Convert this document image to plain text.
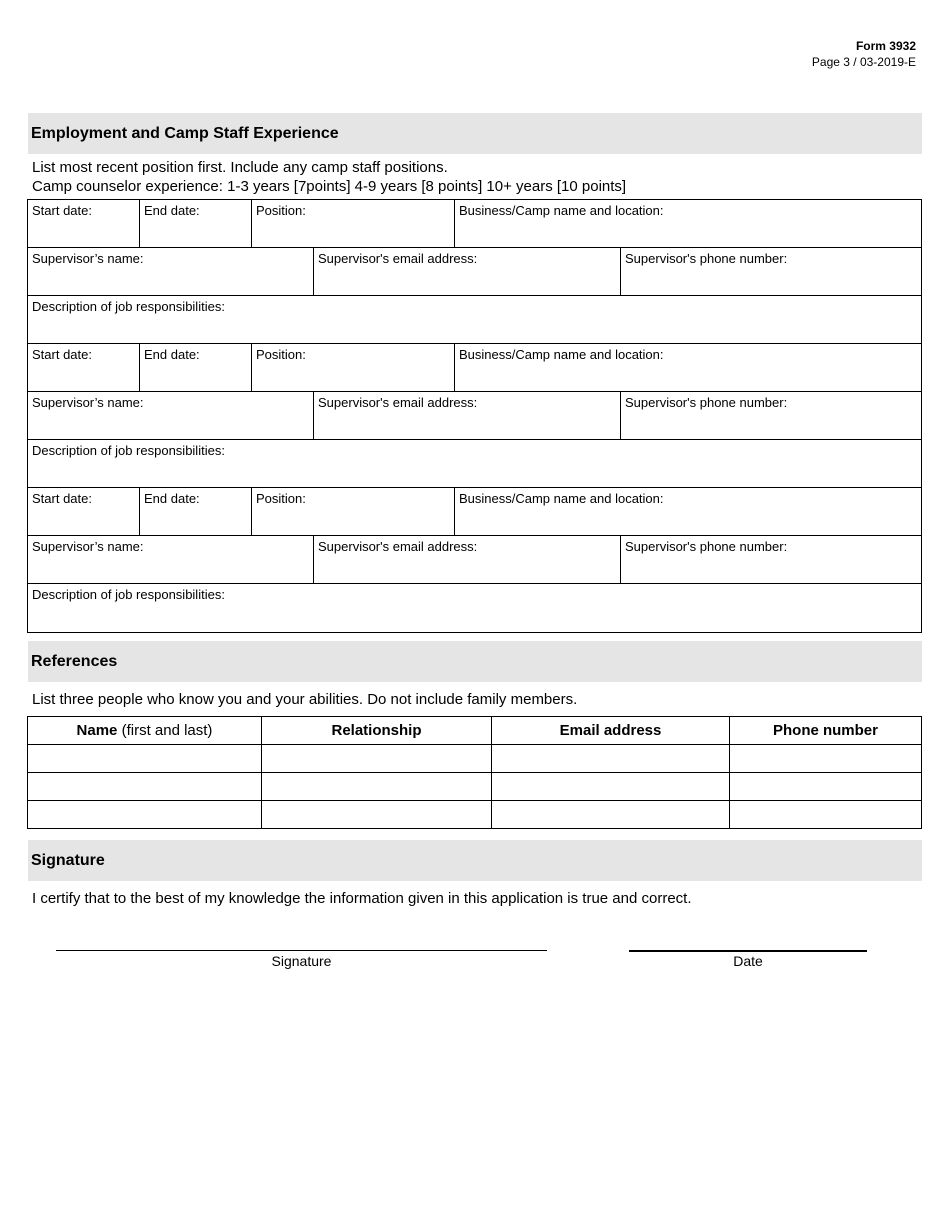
Form 3932
Page 3 / 03-2019-E
Employment and Camp Staff Experience
List most recent position first. Include any camp staff positions.
Camp counselor experience: 1-3 years [7points] 4-9 years [8 points] 10+ years [10 points]
Start date:	End date:	Position:	Business/Camp name and location:
Supervisor’s name:	Supervisor's email address:	Supervisor's phone number:
Description of job responsibilities:
Start date:	End date:	Position:	Business/Camp name and location:
Supervisor’s name:	Supervisor's email address:	Supervisor's phone number:
Description of job responsibilities:
Start date:	End date:	Position:	Business/Camp name and location:
Supervisor’s name:	Supervisor's email address:	Supervisor's phone number:
Description of job responsibilities:
References
List three people who know you and your abilities. Do not include family members.
Name (first and last)	Relationship	Email address	Phone number

Signature
I certify that to the best of my knowledge the information given in this application is true and correct.
Signature	Date
